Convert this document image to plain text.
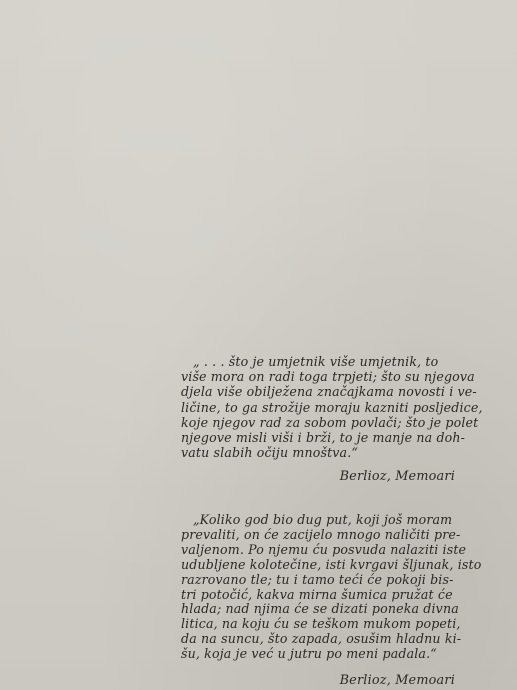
„ . . . što je umjetnik više umjetnik, to
više mora on radi toga trpjeti; što su njegova
djela više obilježena značajkama novosti i ve-
ličine, to ga strožije moraju kazniti posljedice,
koje njegov rad za sobom povlači; što je polet
njegove misli viši i brži, to je manje na doh-
vatu slabih očiju mnoštva.“
Berlioz, Memoari
„Koliko god bio dug put, koji još moram
prevaliti, on će zacijelo mnogo naličiti pre-
valjenom. Po njemu ću posvuda nalaziti iste
udubljene kolotečine, isti kvrgavi šljunak, isto
razrovano tle; tu i tamo teći će pokoji bis-
tri potočić, kakva mirna šumica pružat će
hlada; nad njima će se dizati poneka divna
litica, na koju ću se teškom mukom popeti,
da na suncu, što zapada, osušim hladnu ki-
šu, koja je već u jutru po meni padala.“
Berlioz, Memoari
